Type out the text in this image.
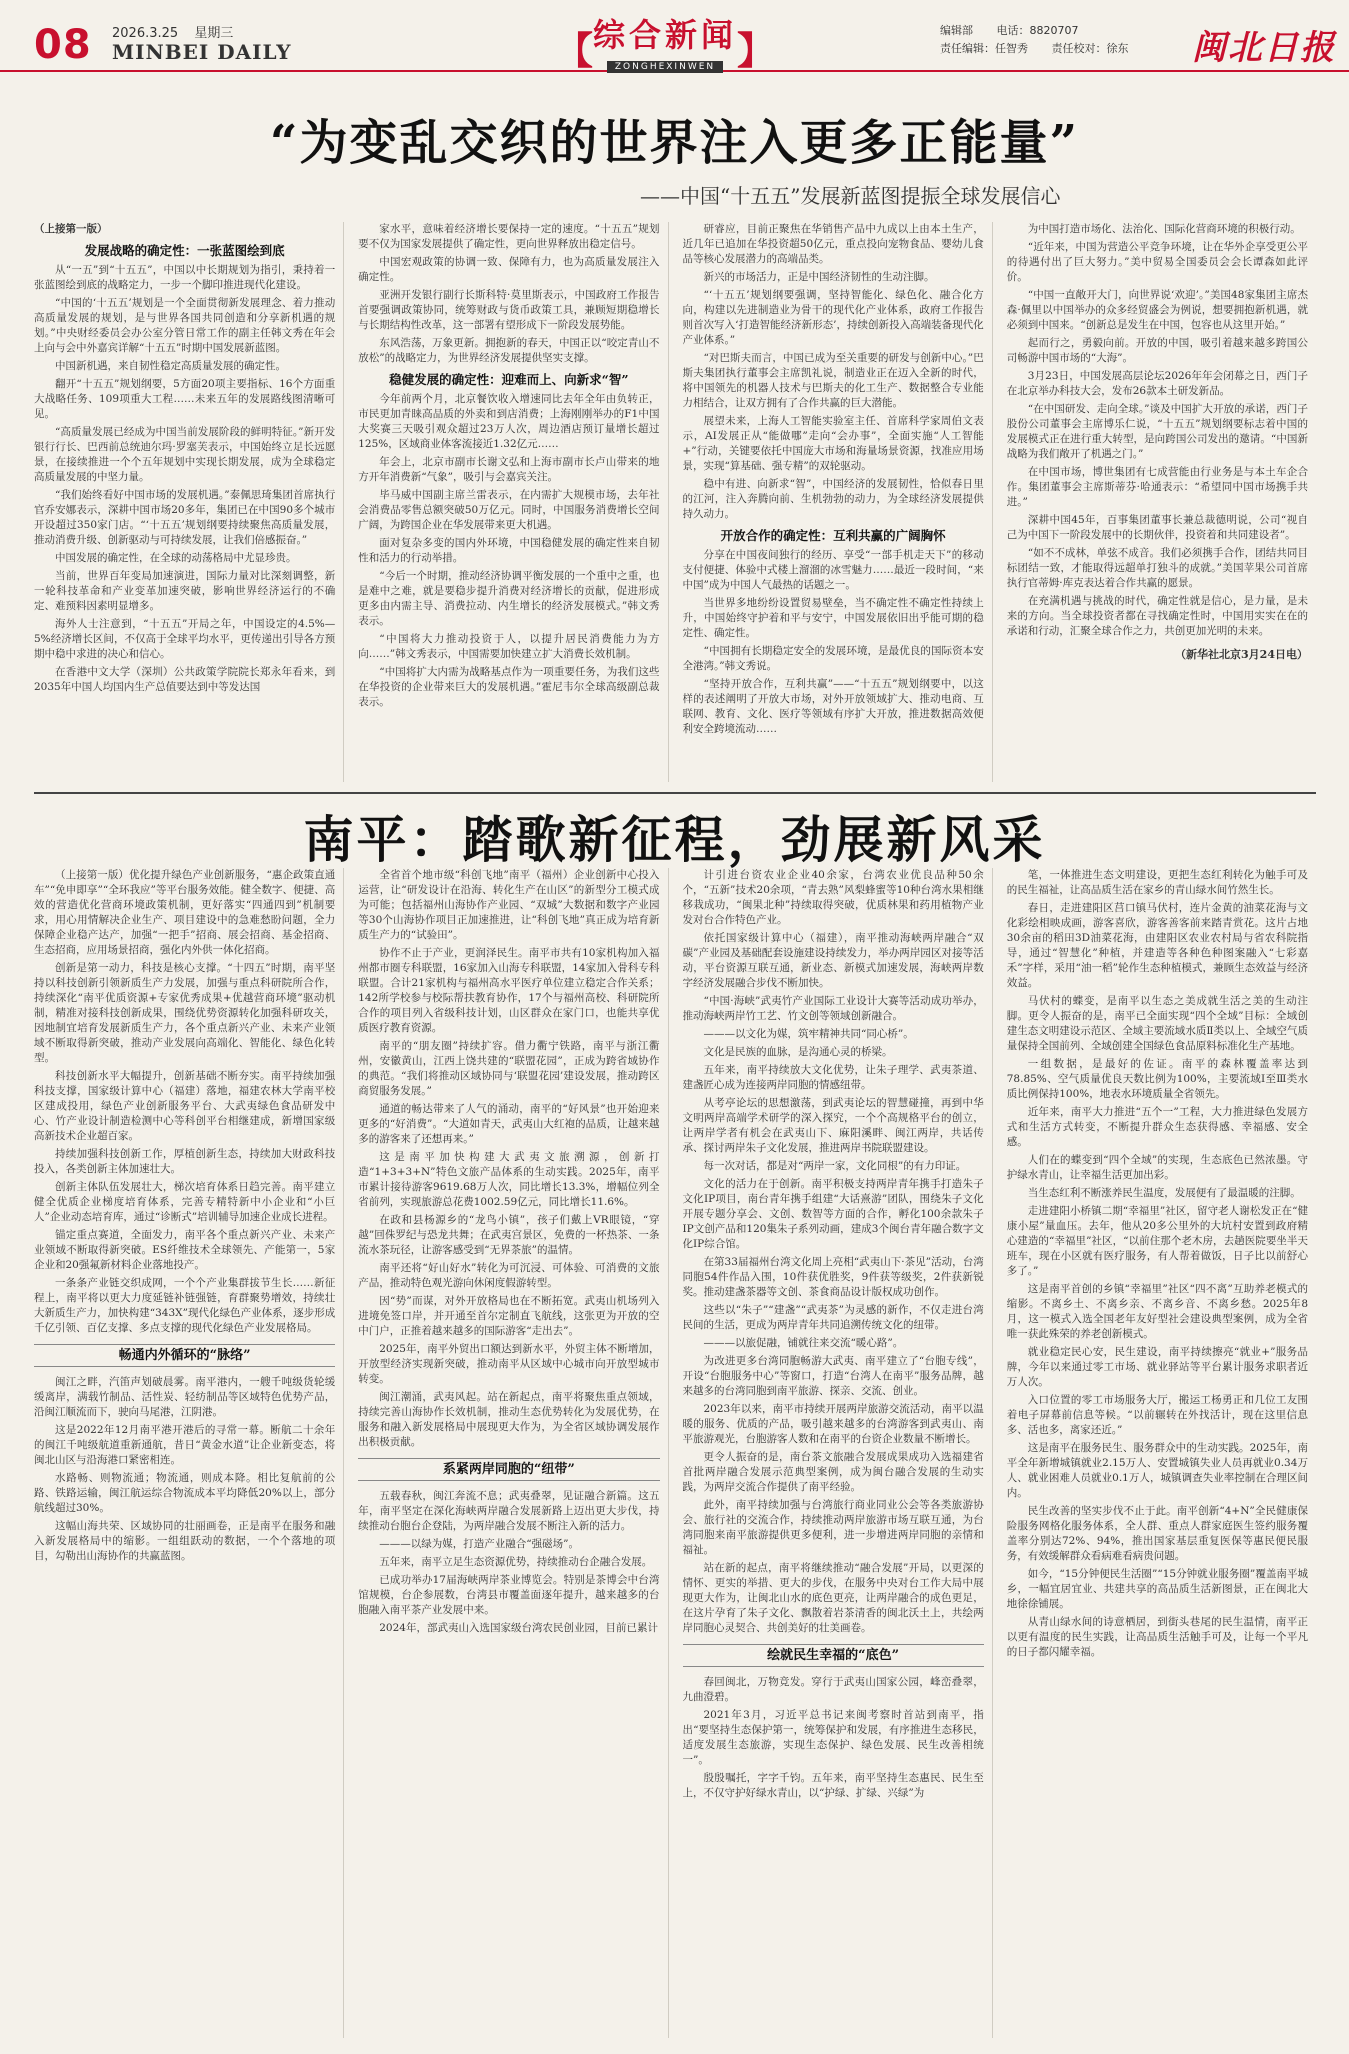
08 2026.3.25 星期三
MINBEI DAILY	【 综合新闻
ZONGHEXINWEN 】	编辑部 电话：8820707
责任编辑：任智秀 责任校对：徐东	闽北日报
“为变乱交织的世界注入更多正能量”
——中国“十五五”发展新蓝图提振全球发展信心

（上接第一版）

发展战略的确定性：一张蓝图绘到底

从“一五”到“十五五”，中国以中长期规划为指引，秉持着一张蓝图绘到底的战略定力，一步一个脚印推进现代化建设。

“中国的‘十五五’规划是一个全面贯彻新发展理念、着力推动高质量发展的规划，是与世界各国共同创造和分享新机遇的规划。”中央财经委员会办公室分管日常工作的副主任韩文秀在年会上向与会中外嘉宾详解“十五五”时期中国发展新蓝图。

中国新机遇，来自韧性稳定高质量发展的确定性。

翻开“十五五”规划纲要，5方面20项主要指标、16个方面重大战略任务、109项重大工程……未来五年的发展路线图清晰可见。

“高质量发展已经成为中国当前发展阶段的鲜明特征。”新开发银行行长、巴西前总统迪尔玛·罗塞芙表示，中国始终立足长远愿景，在接续推进一个个五年规划中实现长期发展，成为全球稳定高质量发展的中坚力量。

“我们始终看好中国市场的发展机遇。”泰佩思琦集团首席执行官乔安娜表示，深耕中国市场20多年，集团已在中国90多个城市开设超过350家门店。“‘十五五’规划纲要持续聚焦高质量发展，推动消费升级、创新驱动与可持续发展，让我们倍感振奋。”

中国发展的确定性，在全球的动荡格局中尤显珍贵。

当前，世界百年变局加速演进，国际力量对比深刻调整，新一轮科技革命和产业变革加速突破，影响世界经济运行的不确定、难预料因素明显增多。

海外人士注意到，“十五五”开局之年，中国设定的4.5%—5%经济增长区间，不仅高于全球平均水平，更传递出引导各方预期中稳中求进的决心和信心。

在香港中文大学（深圳）公共政策学院院长郑永年看来，到2035年中国人均国内生产总值要达到中等发达国

家水平，意味着经济增长要保持一定的速度。“十五五”规划要不仅为国家发展提供了确定性，更向世界释放出稳定信号。

中国宏观政策的协调一致、保障有力，也为高质量发展注入确定性。

亚洲开发银行副行长斯科特·莫里斯表示，中国政府工作报告首要强调政策协同，统筹财政与货币政策工具，兼顾短期稳增长与长期结构性改革，这一部署有望形成下一阶段发展势能。

东风浩荡，万象更新。拥抱新的春天，中国正以“咬定青山不放松”的战略定力，为世界经济发展提供坚实支撑。

稳健发展的确定性：迎难而上、向新求“智”

今年前两个月，北京餐饮收入增速同比去年全年由负转正，市民更加青睐高品质的外卖和到店消费；上海刚刚举办的F1中国大奖赛三天吸引观众超过23万人次，周边酒店预订量增长超过125%，区域商业体客流接近1.32亿元……

年会上，北京市副市长谢文弘和上海市副市长卢山带来的地方开年消费新“气象”，吸引与会嘉宾关注。

毕马威中国副主席兰雷表示，在内需扩大规模市场，去年社会消费品零售总额突破50万亿元。同时，中国服务消费增长空间广阔，为跨国企业在华发展带来更大机遇。

面对复杂多变的国内外环境，中国稳健发展的确定性来自韧性和活力的行动举措。

“今后一个时期，推动经济协调平衡发展的一个重中之重，也是难中之难，就是要稳步提升消费对经济增长的贡献，促进形成更多由内需主导、消费拉动、内生增长的经济发展模式。”韩文秀表示。

“中国将大力推动投资于人，以提升居民消费能力为方向……”韩文秀表示，中国需要加快建立扩大消费长效机制。

“中国将扩大内需为战略基点作为一项重要任务，为我们这些在华投资的企业带来巨大的发展机遇。”霍尼韦尔全球高级副总裁表示。

研睿应，目前正聚焦在华销售产品中九成以上由本土生产，近几年已追加在华投资超50亿元，重点投向宠物食品、婴幼儿食品等核心发展潜力的高端品类。

新兴的市场活力，正是中国经济韧性的生动注脚。

“‘十五五’规划纲要强调，坚持智能化、绿色化、融合化方向，构建以先进制造业为骨干的现代化产业体系，政府工作报告则首次写入‘打造智能经济新形态’，持续创新投入高端装备现代化产业体系。”

“对巴斯夫而言，中国已成为至关重要的研发与创新中心。”巴斯夫集团执行董事会主席凯礼说，制造业正在迈入全新的时代，将中国领先的机器人技术与巴斯夫的化工生产、数据整合专业能力相结合，让双方拥有了合作共赢的巨大潜能。

展望未来，上海人工智能实验室主任、首席科学家周伯文表示，AI发展正从“能做哪”走向“会办事”，全面实施“人工智能+”行动，关键要依托中国庞大市场和海量场景资源，找准应用场景，实现“算基础、强专精”的双轮驱动。

稳中有进、向新求“智”，中国经济的发展韧性，恰似春日里的江河，注入奔腾向前、生机勃勃的动力，为全球经济发展提供持久动力。

开放合作的确定性：互利共赢的广阔胸怀

分享在中国夜间独行的经历、享受“一部手机走天下”的移动支付便捷、体验中式楼上溜溜的冰雪魅力……最近一段时间，“来中国”成为中国人气最热的话题之一。

当世界多地纷纷设置贸易壁垒，当不确定性不确定性持续上升，中国始终守护着和平与安宁，中国发展依旧出乎能可期的稳定性、确定性。

“中国拥有长期稳定安全的发展环境，是最优良的国际资本安全港湾。”韩文秀说。

“坚持开放合作，互利共赢”——“十五五”规划纲要中，以这样的表述阐明了开放大市场，对外开放领域扩大、推动电商、互联网、教育、文化、医疗等领域有序扩大开放，推进数据高效便利安全跨境流动……

为中国打造市场化、法治化、国际化营商环境的积极行动。

“近年来，中国为营造公平竞争环境，让在华外企享受更公平的待遇付出了巨大努力。”美中贸易全国委员会会长谭森如此评价。

“中国一直敞开大门，向世界说‘欢迎’。”美国48家集团主席杰森·佩里以中国举办的众多经贸盛会为例说，想要拥抱新机遇，就必须到中国来。“创新总是发生在中国，包容也从这里开始。”

起而行之，勇毅向前。开放的中国，吸引着越来越多跨国公司畅游中国市场的“大海”。

3月23日，中国发展高层论坛2026年年会闭幕之日，西门子在北京举办科技大会，发布26款本土研发新品。

“在中国研发、走向全球。”谈及中国扩大开放的承诺，西门子股份公司董事会主席博乐仁说，“十五五”规划纲要标志着中国的发展模式正在进行重大转型，是向跨国公司发出的邀请。“中国新战略为我们敞开了机遇之门。”

在中国市场，博世集团有七成营能由行业务是与本土车企合作。集团董事会主席斯蒂芬·哈通表示：“希望同中国市场携手共进。”

深耕中国45年，百事集团董事长兼总裁德明说，公司“视自己为中国下一阶段发展中的长期伙伴，投资着和共同建设者”。

“如不不成林，单弦不成音。我们必须携手合作，团结共同目标团结一致，才能取得远超单打独斗的成就。”美国苹果公司首席执行官蒂姆·库克表达着合作共赢的愿景。

在充满机遇与挑战的时代，确定性就是信心，是力量，是未来的方向。当全球投资者都在寻找确定性时，中国用实实在在的承诺和行动，汇聚全球合作之力，共创更加光明的未来。

（新华社北京3月24日电）
南平：踏歌新征程，劲展新风采

（上接第一版）优化提升绿色产业创新服务，“惠企政策直通车”“免申即享”“全环我应”等平台服务效能。健全数字、便捷、高效的营造优化营商环境政策机制，更好落实“四通四到”机制要求，用心用情解决企业生产、项目建设中的急难愁盼问题，全力保障企业稳产达产，加强“一把手”招商、展会招商、基金招商、生态招商，应用场景招商，强化内外供一体化招商。

创新是第一动力，科技是核心支撑。“十四五”时期，南平坚持以科技创新引领新质生产力发展，加强与重点科研院所合作，持续深化“南平优质资源+专家优秀成果+优越营商环境”驱动机制，精准对接科技创新成果，围绕优势资源转化加强科研攻关，因地制宜培育发展新质生产力，各个重点新兴产业、未来产业领域不断取得新突破，推动产业发展向高端化、智能化、绿色化转型。

科技创新水平大幅提升，创新基础不断夯实。南平持续加强科技支撑，国家级计算中心（福建）落地，福建农林大学南平校区建成投用，绿色产业创新服务平台、大武夷绿色食品研发中心、竹产业设计制造检测中心等科创平台相继建成，新增国家级高新技术企业超百家。

持续加强科技创新工作，厚植创新生态，持续加大财政科技投入，各类创新主体加速壮大。

创新主体队伍发展壮大，梯次培育体系日趋完善。南平建立健全优质企业梯度培育体系，完善专精特新中小企业和“小巨人”企业动态培育库，通过“诊断式”培训辅导加速企业成长进程。

锚定重点赛道，全面发力，南平各个重点新兴产业、未来产业领域不断取得新突破。ES纤维技术全球领先、产能第一，5家企业和20强氟新材料企业落地投产。

一条条产业链交织成网，一个个产业集群拔节生长……新征程上，南平将以更大力度延链补链强链，育群聚势增效，持续壮大新质生产力，加快构建“343X”现代化绿色产业体系，逐步形成千亿引领、百亿支撑、多点支撑的现代化绿色产业发展格局。

畅通内外循环的“脉络”

闽江之畔，汽笛声划破晨雾。南平港内，一艘千吨级货轮缓缓离岸，满载竹制品、活性炭、轻纺制品等区域特色优势产品，沿闽江顺流而下，驶向马尾港，江阴港。

这是2022年12月南平港开港后的寻常一幕。断航二十余年的闽江千吨级航道重新通航，昔日“黄金水道”让企业新变态，将闽北山区与沿海港口紧密相连。

水路畅、则物流通；物流通，则成本降。相比复航前的公路、铁路运输，闽江航运综合物流成本平均降低20%以上，部分航线超过30%。

这幅山海共荣、区域协同的壮丽画卷，正是南平在服务和融入新发展格局中的缩影。一组组跃动的数据，一个个落地的项目，勾勒出山海协作的共赢蓝图。

全省首个地市级“科创飞地”南平（福州）企业创新中心投入运营，让“研发设计在沿海、转化生产在山区”的新型分工模式成为可能；包括福州山海协作产业园、“双城”大数据和数字产业园等30个山海协作项目正加速推进，让“科创飞地”真正成为培育新质生产力的“试验田”。

协作不止于产业，更润泽民生。南平市共有10家机构加入福州都市圈专科联盟，16家加入山海专科联盟，14家加入骨科专科联盟。合计21家机构与福州高水平医疗单位建立稳定合作关系；142所学校参与校际帮扶教育协作，17个与福州高校、科研院所合作的项目列入省级科技计划，山区群众在家门口，也能共享优质医疗教育资源。

南平的“朋友圈”持续扩容。借力衢宁铁路，南平与浙江衢州，安徽黄山，江西上饶共建的“联盟花园”，正成为跨省域协作的典范。“我们将推动区域协同与‘联盟花园’建设发展，推动跨区商贸服务发展。”

通道的畅达带来了人气的涌动，南平的“好风景”也开始迎来更多的“好消费”。“大道如青天，武夷山大红袍的品质，让越来越多的游客来了还想再来。”

这是南平加快构建大武夷文旅溯源，创新打造“1+3+3+N”特色文旅产品体系的生动实践。2025年，南平市累计接待游客9619.68万人次，同比增长13.3%，增幅位列全省前列，实现旅游总花费1002.59亿元，同比增长11.6%。

在政和县杨源乡的“龙鸟小镇”，孩子们戴上VR眼镜，“穿越”回侏罗纪与恐龙共舞；在武夷宫景区，免费的一杯热茶、一条流水茶玩径，让游客感受到“无界茶旅”的温情。

南平还将“好山好水”转化为可沉浸、可体验、可消费的文旅产品，推动特色观光游向休闲度假游转型。

因“势”而谋，对外开放格局也在不断拓宽。武夷山机场列入进境免签口岸，并开通至首尔定制直飞航线，这张更为开放的空中门户，正推着越来越多的国际游客“走出去”。

2025年，南平外贸出口额达到新水平，外贸主体不断增加，开放型经济实现新突破，推动南平从区域中心城市向开放型城市转变。

闽江潮涌，武夷风起。站在新起点，南平将聚焦重点领域，持续完善山海协作长效机制，推动生态优势转化为发展优势，在服务和融入新发展格局中展现更大作为，为全省区域协调发展作出积极贡献。

系紧两岸同胞的“纽带”

五载春秋，闽江奔流不息；武夷叠翠，见证融合新篇。这五年，南平坚定在深化海峡两岸融合发展新路上迈出更大步伐，持续推动台胞台企登陆，为两岸融合发展不断注入新的活力。

———以绿为媒，打造产业融合“强磁场”。

五年来，南平立足生态资源优势，持续推动台企融合发展。

已成功举办17届海峡两岸茶业博览会。特别是茶博会中台湾馆规模，台企参展数，台湾县市覆盖面逐年提升，越来越多的台胞融入南平茶产业发展中来。

2024年，部武夷山入选国家级台湾农民创业园，目前已累计

计引进台资农业企业40余家，台湾农业优良品种50余个，“五新”技术20余项，“青去熟”风梨蜂蜜等10种台湾水果相继移栽成功，“闽果北种”持续取得突破，优质林果和药用植物产业发对台合作特色产业。

依托国家级计算中心（福建），南平推动海峡两岸融合“双碳”产业园及基础配套设施建设持续发力，举办两岸园区对接等活动，平台资源互联互通，新业态、新模式加速发展，海峡两岸数字经济发展融合步伐不断加快。

“中国·海峡”武夷竹产业国际工业设计大赛等活动成功举办，推动海峡两岸竹工艺、竹文创等领域创新融合。

———以文化为媒，筑牢精神共同“同心桥”。

文化是民族的血脉，是沟通心灵的桥梁。

五年来，南平持续放大文化优势，让朱子理学、武夷茶道、建盏匠心成为连接两岸同胞的情感纽带。

从考亭论坛的思想激荡，到武夷论坛的智慧碰撞，再到中华文明两岸高端学术研学的深入探究，一个个高规格平台的创立，让两岸学者有机会在武夷山下、麻阳溪畔、闽江两岸，共话传承、探讨两岸朱子文化发展，推进两岸书院联盟建设。

每一次对话，都是对“两岸一家，文化同根”的有力印证。

文化的活力在于创新。南平积极支持两岸青年携手打造朱子文化IP项目，南台青年携手组建“大话熹游”团队，围绕朱子文化开展专题分享会、文创、数智等方面的合作，孵化100余款朱子IP文创产品和120集朱子系列动画，建成3个闽台青年融合数字文化IP综合馆。

在第33届福州台湾文化周上亮相“武夷山下·茶见”活动，台湾同胞54件作品入围，10件获优胜奖，9件获等级奖，2件获新锐奖。推动建盏茶器等文创、茶食商品设计版权成功创作。

这些以“朱子”“建盏”“武夷茶”为灵感的新作，不仅走进台湾民间的生活，更成为两岸青年共同追溯传统文化的纽带。

———以旅促融，铺就往来交流“暖心路”。

为改进更多台湾同胞畅游大武夷、南平建立了“台胞专线”，开设“台胞服务中心”等窗口，打造“台湾人在南平”服务品牌，越来越多的台湾同胞到南平旅游、探亲、交流、创业。

2023年以来，南平市持续开展两岸旅游交流活动，南平以温暖的服务、优质的产品，吸引越来越多的台湾游客到武夷山、南平旅游观光，台胞游客人数和在南平的台资企业数量不断增长。

更令人振奋的是，南台茶文旅融合发展成果成功入选福建省首批两岸融合发展示范典型案例，成为闽台融合发展的生动实践，为两岸交流合作提供了南平经验。

此外，南平持续加强与台湾旅行商业同业公会等各类旅游协会、旅行社的交流合作，持续推动两岸旅游市场互联互通，为台湾同胞来南平旅游提供更多便利，进一步增进两岸同胞的亲情和福祉。

站在新的起点，南平将继续推动“融合发展”开局，以更深的情怀、更实的举措、更大的步伐，在服务中央对台工作大局中展现更大作为，让闽北山水的底色更亮，让两岸融合的成色更足，在这片孕育了朱子文化、飘散着岩茶清香的闽北沃土上，共绘两岸同胞心灵契合、共创美好的壮美画卷。

绘就民生幸福的“底色”

春回闽北，万物竞发。穿行于武夷山国家公园，峰峦叠翠，九曲澄碧。

2021年3月，习近平总书记来闽考察时首站到南平，指出“要坚持生态保护第一，统筹保护和发展，有序推进生态移民，适度发展生态旅游，实现生态保护、绿色发展、民生改善相统一”。

殷殷嘱托，字字千钧。五年来，南平坚持生态惠民、民生至上，不仅守护好绿水青山，以“护绿、扩绿、兴绿”为

笔，一体推进生态文明建设，更把生态红利转化为触手可及的民生福祉，让高品质生活在家乡的青山绿水间竹然生长。

春日，走进建阳区莒口镇马伏村，连片金黄的油菜花海与文化彩绘相映成画，游客喜欣，游客善客前来踏青赏花。这片占地30余亩的稻田3D油菜花海，由建阳区农业农村局与省农科院指导，通过“智慧化”种植，并建造等各种色种图案融入“七彩嘉禾”字样，采用“油一稻”轮作生态种植模式，兼顾生态效益与经济效益。

马伏村的蝶变，是南平以生态之美成就生活之美的生动注脚。更令人振奋的是，南平已全面实现“四个全域”目标：全域创建生态文明建设示范区、全域主要流域水质Ⅱ类以上、全域空气质量保持全国前列、全域创建全国绿色食品原料标准化生产基地。

一组数据，是最好的佐证。南平的森林覆盖率达到78.85%、空气质量优良天数比例为100%，主要流域Ⅰ至Ⅲ类水质比例保持100%，地表水环境质量全省领先。

近年来，南平大力推进“五个一”工程，大力推进绿色发展方式和生活方式转变，不断提升群众生态获得感、幸福感、安全感。

人们在的蝶变到“四个全域”的实现，生态底色已然浓墨。守护绿水青山，让幸福生活更加出彩。

当生态红利不断涨养民生温度，发展便有了最温暖的注脚。

走进建阳小桥镇二期“幸福里”社区，留守老人谢松发正在“健康小屋”量血压。去年，他从20多公里外的大坑村安置到政府精心建造的“幸福里”社区，“以前住那个老木房，去趟医院要坐半天班车，现在小区就有医疗服务，有人帮着做饭，日子比以前舒心多了。”

这是南平首创的乡镇“幸福里”社区“四不离”互助养老模式的缩影。不离乡土、不离乡亲、不离乡音、不离乡愁。2025年8月，这一模式入选全国老年友好型社会建设典型案例，成为全省唯一获此殊荣的养老创新模式。

就业稳定民心安，民生建设，南平持续擦亮“就业+”服务品牌，今年以来通过零工市场、就业驿站等平台累计服务求职者近万人次。

入口位置的零工市场服务大厅，搬运工杨勇正和几位工友围着电子屏幕前信息等候。“以前辗转在外找活计，现在这里信息多、活也多，离家还近。”

这是南平在服务民生、服务群众中的生动实践。2025年，南平全年新增城镇就业2.15万人、安置城镇失业人员再就业0.34万人、就业困难人员就业0.1万人，城镇调查失业率控制在合理区间内。

民生改善的坚实步伐不止于此。南平创新“4+N”全民健康保险服务网格化服务体系，全人群、重点人群家庭医生签约服务覆盖率分别达72%、94%，推出国家基层重复医保等惠民便民服务，有效缓解群众看病难看病贵问题。

如今，“15分钟便民生活圈”“15分钟就业服务圈”覆盖南平城乡，一幅宜居宜业、共建共享的高品质生活新图景，正在闽北大地徐徐铺展。

从青山绿水间的诗意栖居，到街头巷尾的民生温情，南平正以更有温度的民生实践，让高品质生活触手可及，让每一个平凡的日子都闪耀幸福。
